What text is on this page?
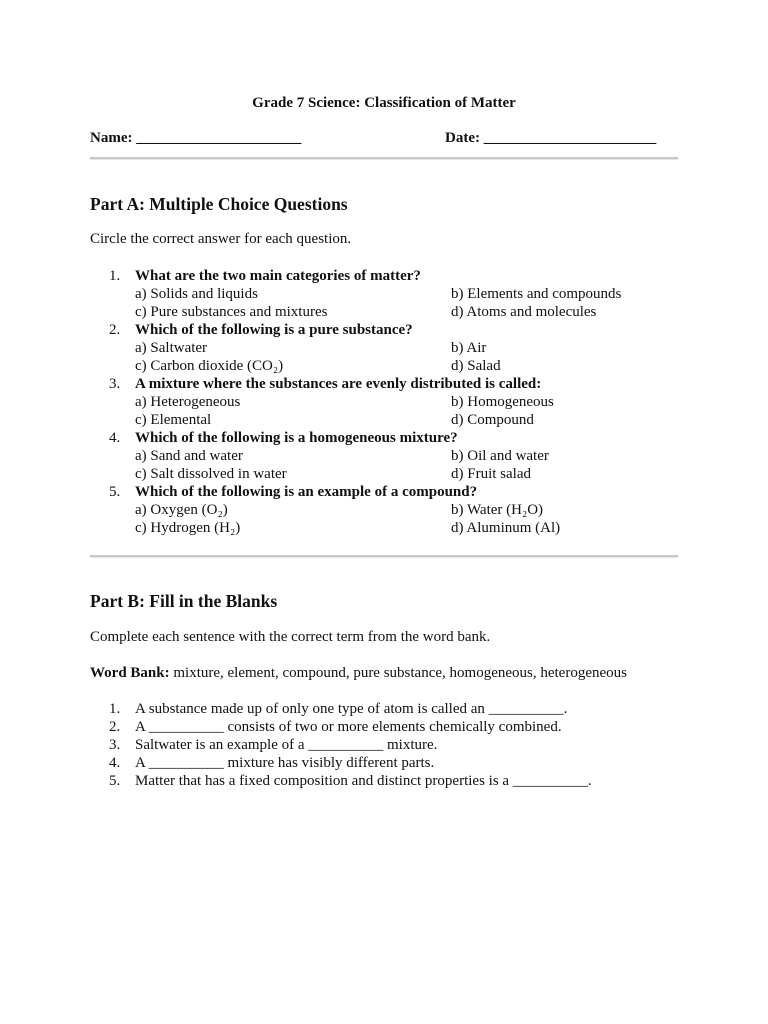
Grade 7 Science: Classification of Matter
Name: ______________________	Date: _______________________
Part A: Multiple Choice Questions
Circle the correct answer for each question.
1. What are the two main categories of matter?
a) Solids and liquids	b) Elements and compounds
c) Pure substances and mixtures	d) Atoms and molecules
2. Which of the following is a pure substance?
a) Saltwater	b) Air
c) Carbon dioxide (CO₂)	d) Salad
3. A mixture where the substances are evenly distributed is called:
a) Heterogeneous	b) Homogeneous
c) Elemental	d) Compound
4. Which of the following is a homogeneous mixture?
a) Sand and water	b) Oil and water
c) Salt dissolved in water	d) Fruit salad
5. Which of the following is an example of a compound?
a) Oxygen (O₂)	b) Water (H₂O)
c) Hydrogen (H₂)	d) Aluminum (Al)
Part B: Fill in the Blanks
Complete each sentence with the correct term from the word bank.
Word Bank: mixture, element, compound, pure substance, homogeneous, heterogeneous
1. A substance made up of only one type of atom is called an __________.
2. A __________ consists of two or more elements chemically combined.
3. Saltwater is an example of a __________ mixture.
4. A __________ mixture has visibly different parts.
5. Matter that has a fixed composition and distinct properties is a __________.
